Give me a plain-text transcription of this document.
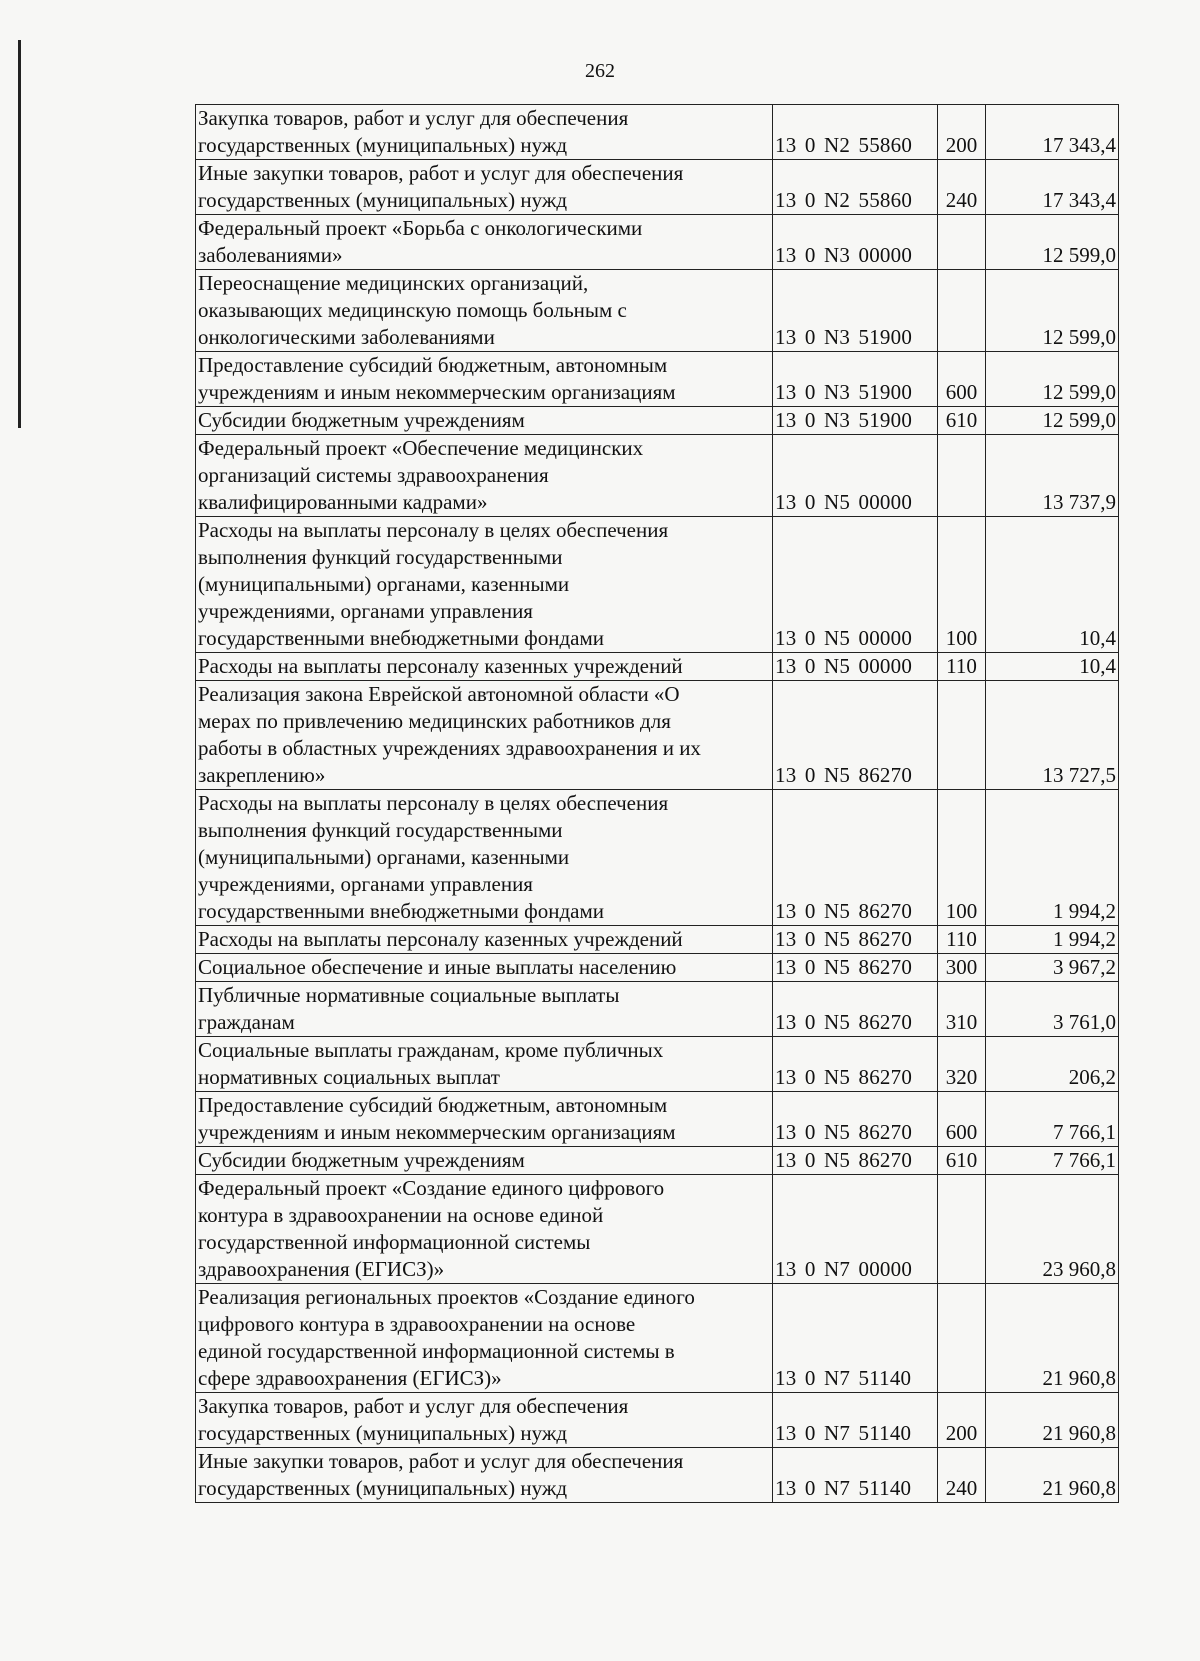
262
Закупка товаров, работ и услуг для обеспечения
государственных (муниципальных) нужд	13 0 N2 55860	200	17 343,4
Иные закупки товаров, работ и услуг для обеспечения
государственных (муниципальных) нужд	13 0 N2 55860	240	17 343,4
Федеральный проект «Борьба с онкологическими
заболеваниями»	13 0 N3 00000		12 599,0
Переоснащение медицинских организаций,
оказывающих медицинскую помощь больным с
онкологическими заболеваниями	13 0 N3 51900		12 599,0
Предоставление субсидий бюджетным, автономным
учреждениям и иным некоммерческим организациям	13 0 N3 51900	600	12 599,0
Субсидии бюджетным учреждениям	13 0 N3 51900	610	12 599,0
Федеральный проект «Обеспечение медицинских
организаций системы здравоохранения
квалифицированными кадрами»	13 0 N5 00000		13 737,9
Расходы на выплаты персоналу в целях обеспечения
выполнения функций государственными
(муниципальными) органами, казенными
учреждениями, органами управления
государственными внебюджетными фондами	13 0 N5 00000	100	10,4
Расходы на выплаты персоналу казенных учреждений	13 0 N5 00000	110	10,4
Реализация закона Еврейской автономной области «О
мерах по привлечению медицинских работников для
работы в областных учреждениях здравоохранения и их
закреплению»	13 0 N5 86270		13 727,5
Расходы на выплаты персоналу в целях обеспечения
выполнения функций государственными
(муниципальными) органами, казенными
учреждениями, органами управления
государственными внебюджетными фондами	13 0 N5 86270	100	1 994,2
Расходы на выплаты персоналу казенных учреждений	13 0 N5 86270	110	1 994,2
Социальное обеспечение и иные выплаты населению	13 0 N5 86270	300	3 967,2
Публичные нормативные социальные выплаты
гражданам	13 0 N5 86270	310	3 761,0
Социальные выплаты гражданам, кроме публичных
нормативных социальных выплат	13 0 N5 86270	320	206,2
Предоставление субсидий бюджетным, автономным
учреждениям и иным некоммерческим организациям	13 0 N5 86270	600	7 766,1
Субсидии бюджетным учреждениям	13 0 N5 86270	610	7 766,1
Федеральный проект «Создание единого цифрового
контура в здравоохранении на основе единой
государственной информационной системы
здравоохранения (ЕГИСЗ)»	13 0 N7 00000		23 960,8
Реализация региональных проектов «Создание единого
цифрового контура в здравоохранении на основе
единой государственной информационной системы в
сфере здравоохранения (ЕГИСЗ)»	13 0 N7 51140		21 960,8
Закупка товаров, работ и услуг для обеспечения
государственных (муниципальных) нужд	13 0 N7 51140	200	21 960,8
Иные закупки товаров, работ и услуг для обеспечения
государственных (муниципальных) нужд	13 0 N7 51140	240	21 960,8
